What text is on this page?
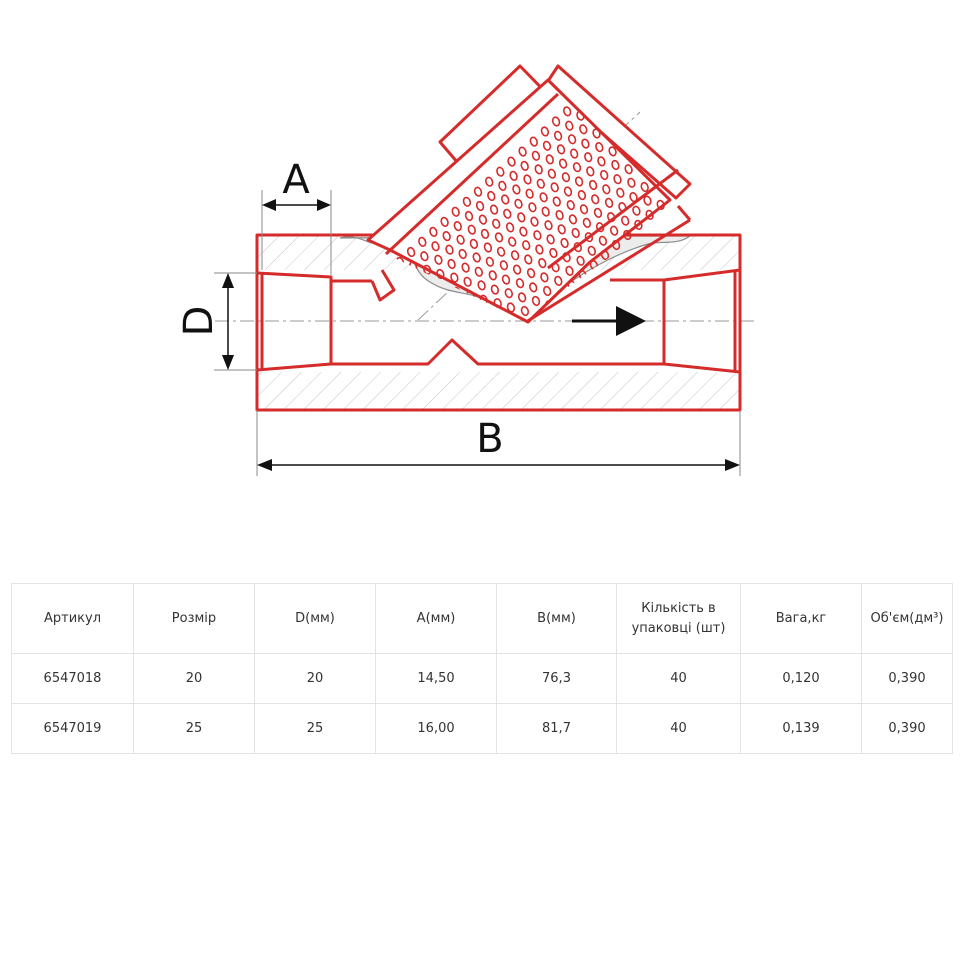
A
D
B
Артикул	Розмір	D(мм)	A(мм)	B(мм)	Кількість в упаковці (шт)	Вага,кг	Об'єм(дм³)
6547018	20	20	14,50	76,3	40	0,120	0,390
6547019	25	25	16,00	81,7	40	0,139	0,390
